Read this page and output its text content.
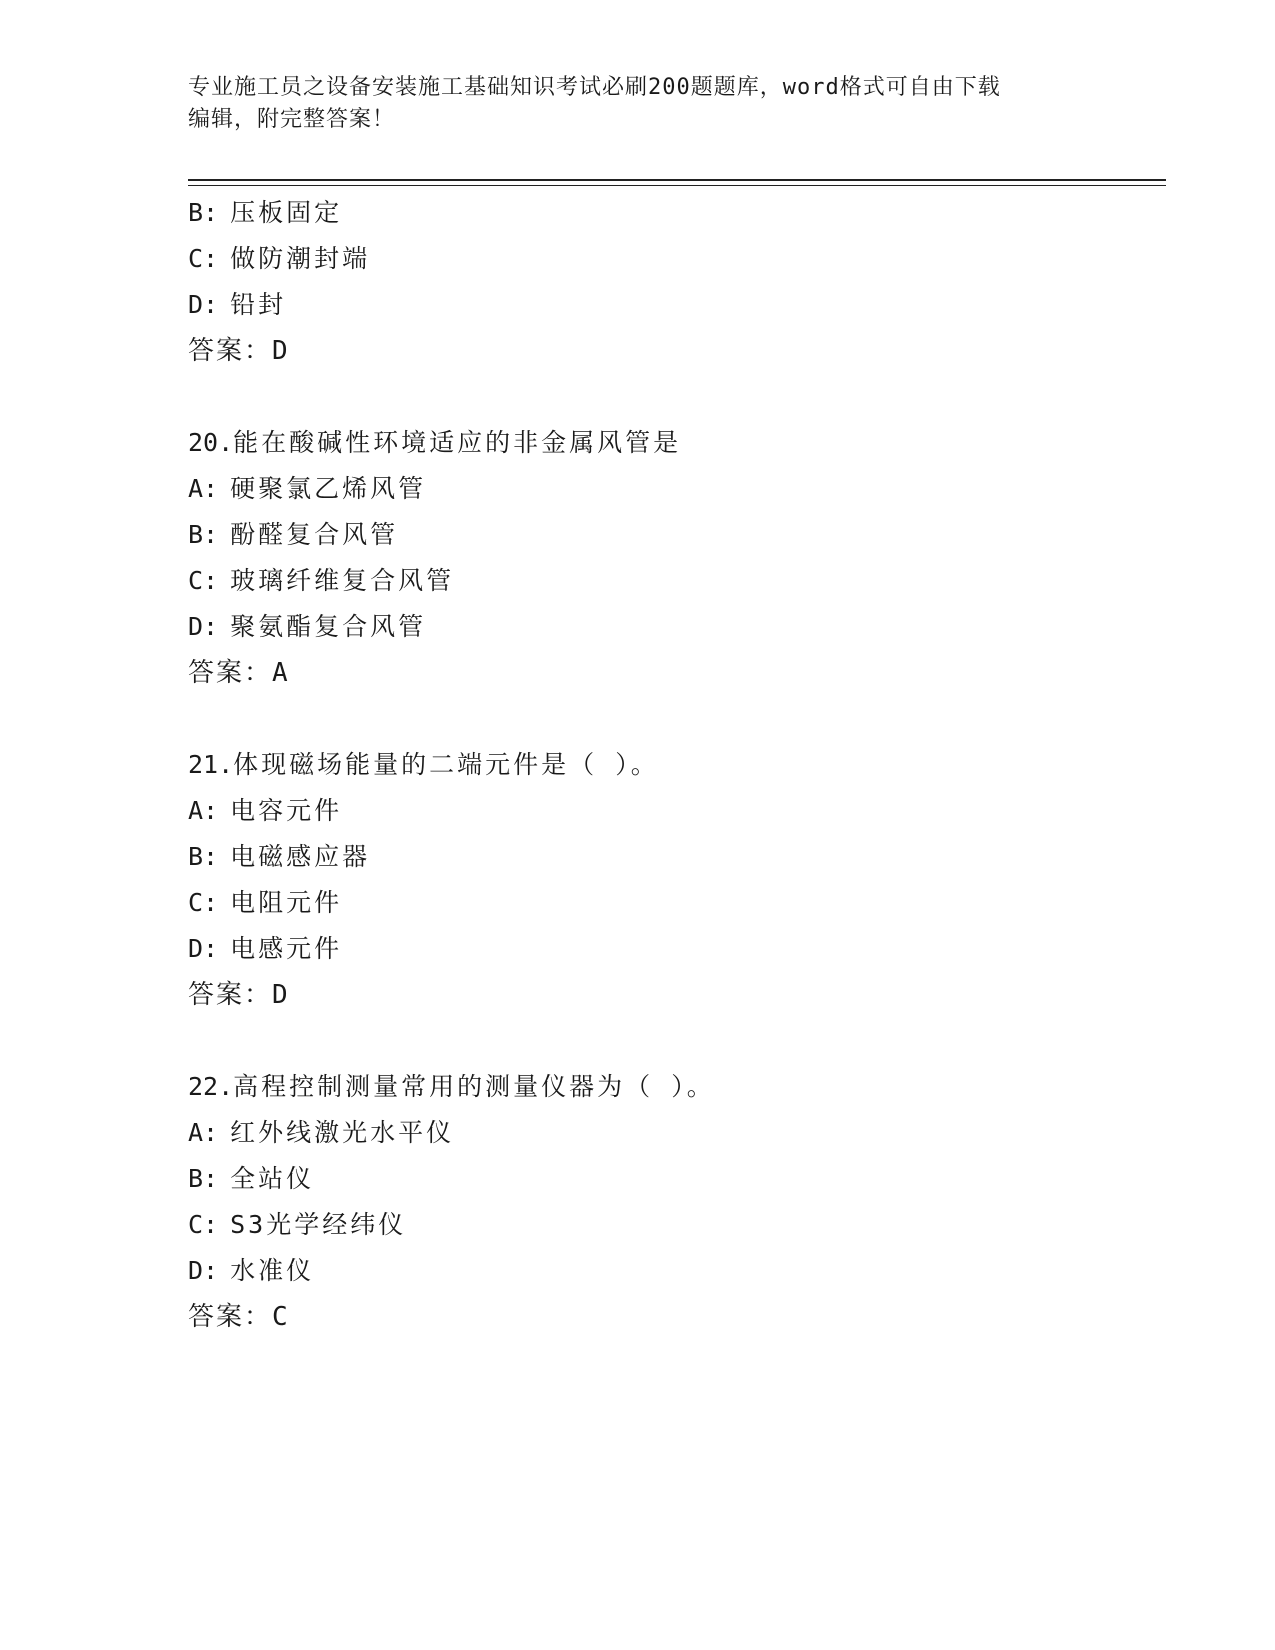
专业施工员之设备安装施工基础知识考试必刷200题题库，word格式可自由下载
编辑，附完整答案！
B: 压板固定
C: 做防潮封端
D: 铅封
答案：D
20.能在酸碱性环境适应的非金属风管是
A: 硬聚氯乙烯风管
B: 酚醛复合风管
C: 玻璃纤维复合风管
D: 聚氨酯复合风管
答案：A
21.体现磁场能量的二端元件是（ ）。
A: 电容元件
B: 电磁感应器
C: 电阻元件
D: 电感元件
答案：D
22.高程控制测量常用的测量仪器为（ ）。
A: 红外线激光水平仪
B: 全站仪
C: S3光学经纬仪
D: 水准仪
答案：C
